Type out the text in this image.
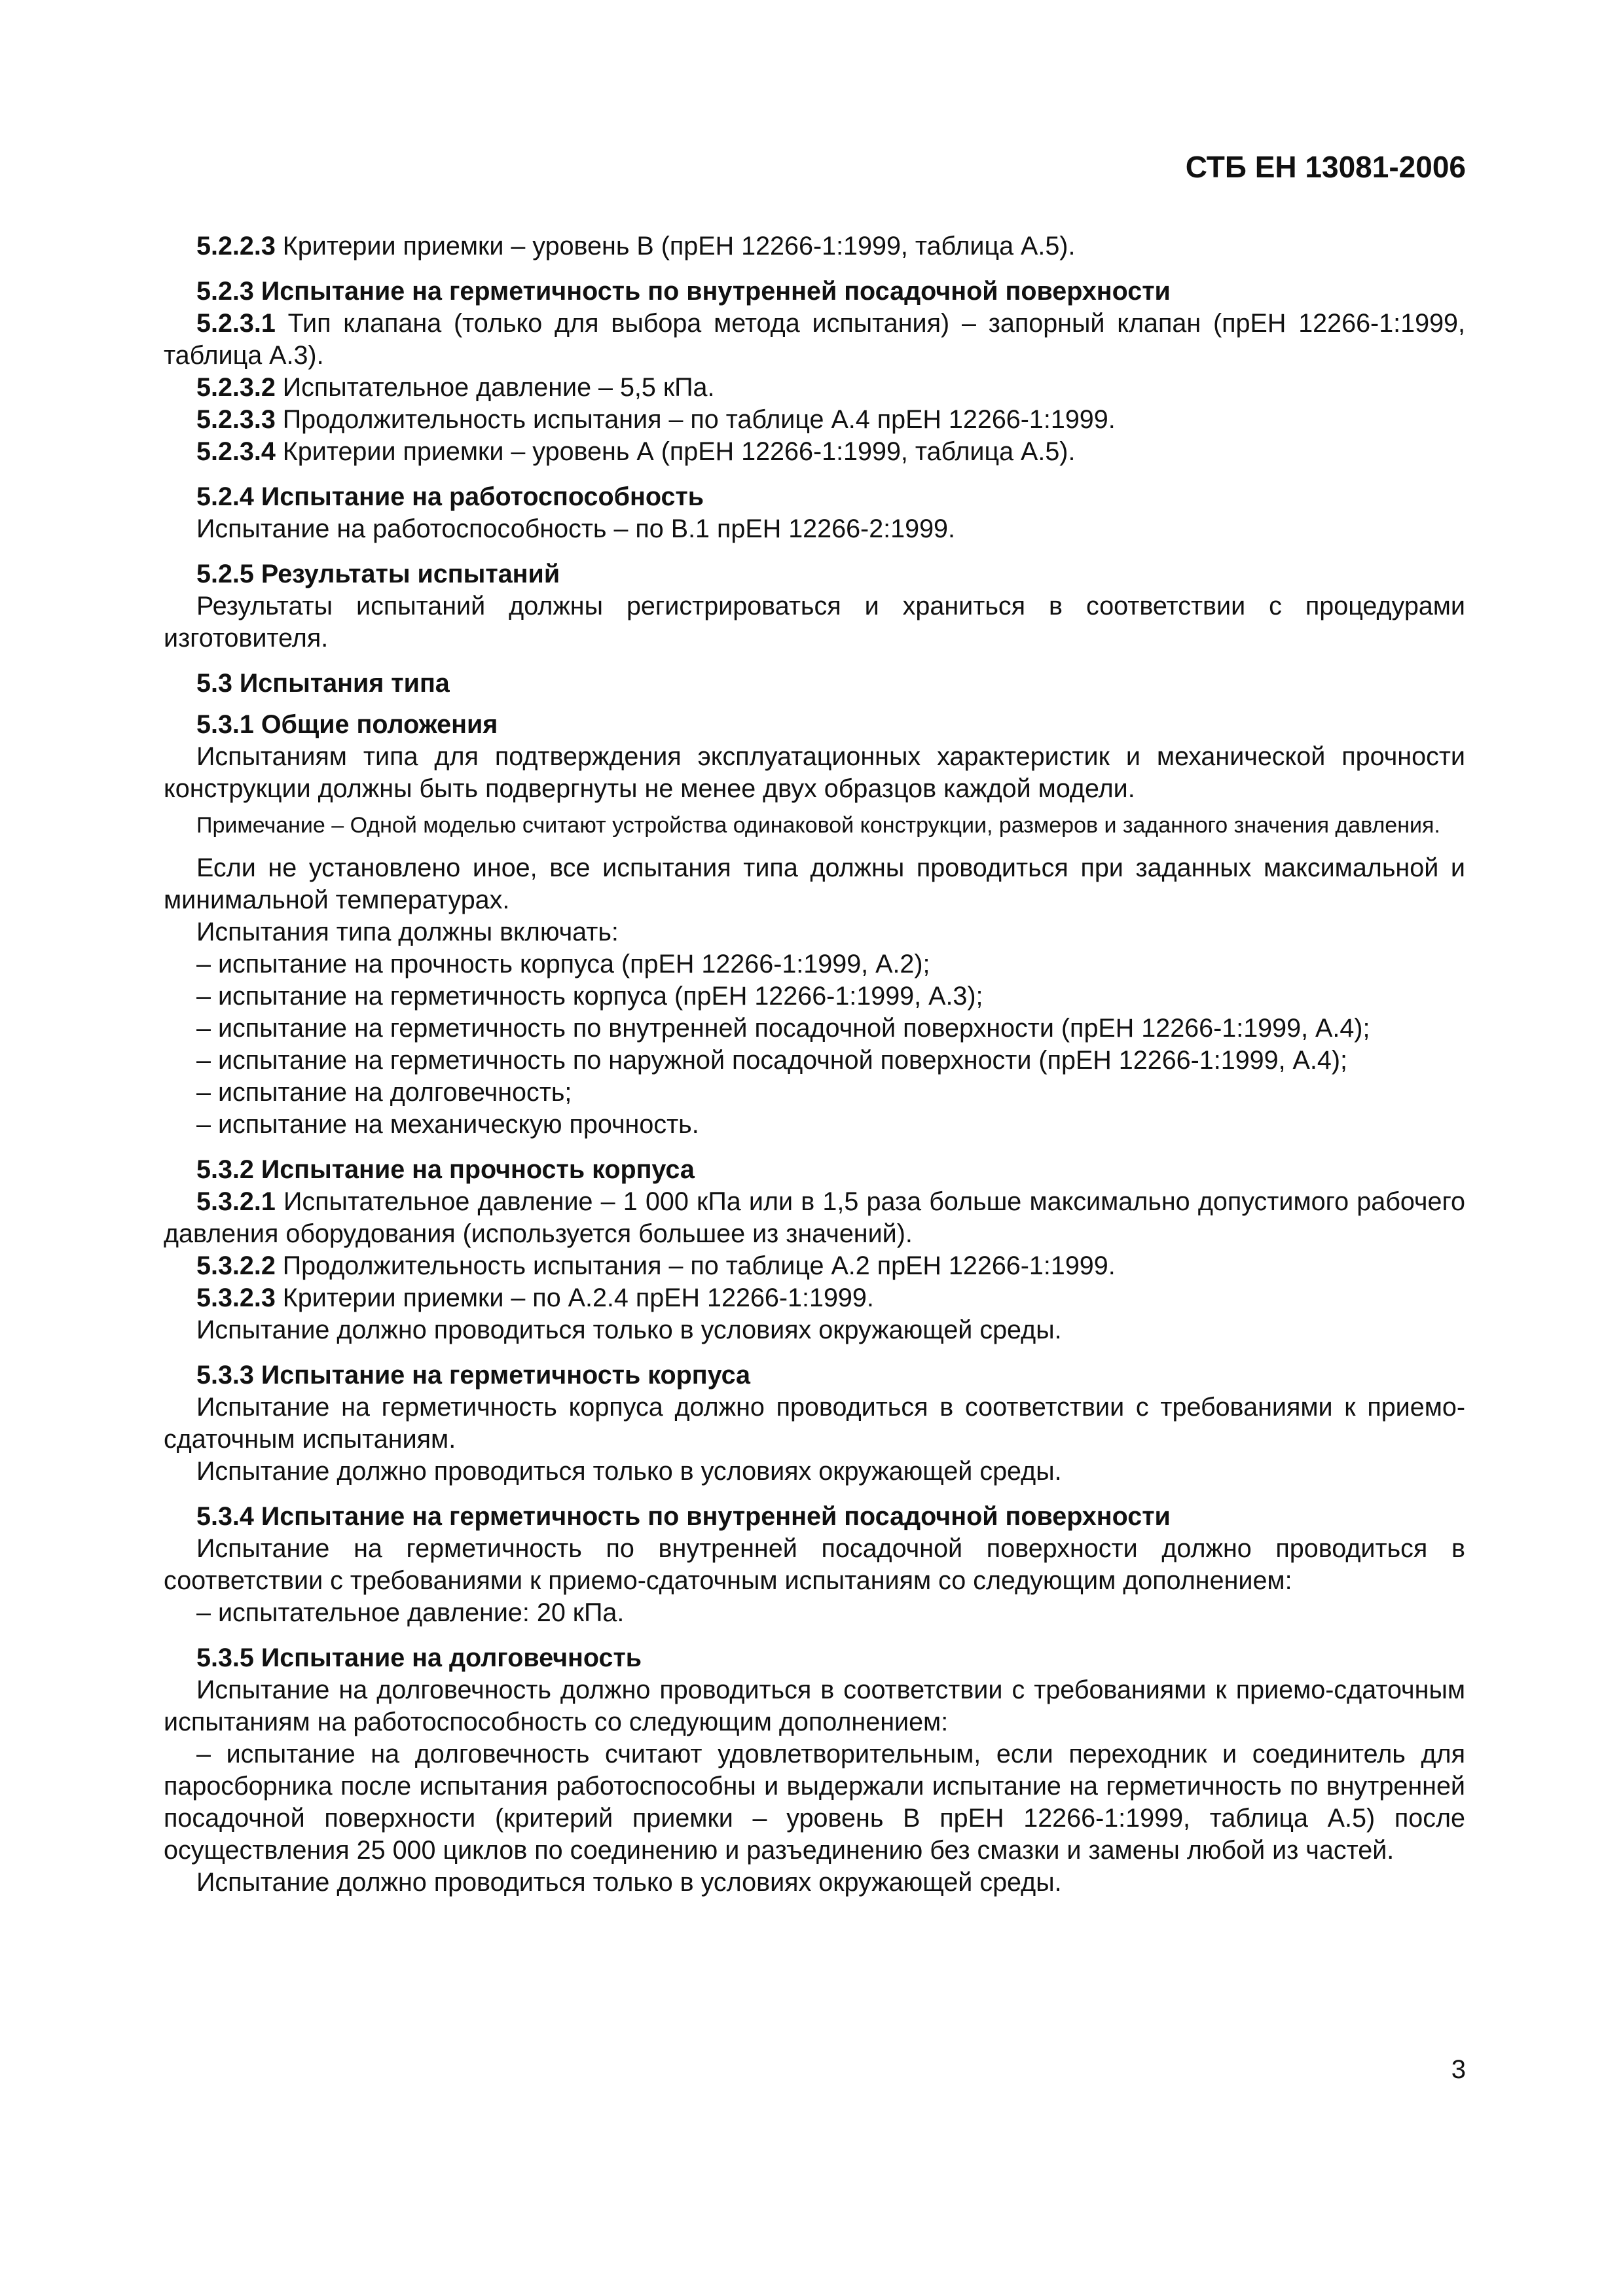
СТБ ЕН 13081-2006

5.2.2.3 Критерии приемки – уровень В (прЕН 12266-1:1999, таблица А.5).

5.2.3 Испытание на герметичность по внутренней посадочной поверхности

5.2.3.1 Тип клапана (только для выбора метода испытания) – запорный клапан (прЕН 12266-1:1999, таблица А.3).

5.2.3.2 Испытательное давление – 5,5 кПа.

5.2.3.3 Продолжительность испытания – по таблице А.4 прЕН 12266-1:1999.

5.2.3.4 Критерии приемки – уровень А (прЕН 12266-1:1999, таблица А.5).

5.2.4 Испытание на работоспособность

Испытание на работоспособность – по В.1 прЕН 12266-2:1999.

5.2.5 Результаты испытаний

Результаты испытаний должны регистрироваться и храниться в соответствии с процедурами изготовителя.

5.3 Испытания типа
5.3.1 Общие положения

Испытаниям типа для подтверждения эксплуатационных характеристик и механической прочности конструкции должны быть подвергнуты не менее двух образцов каждой модели.

Примечание – Одной моделью считают устройства одинаковой конструкции, размеров и заданного значения давления.

Если не установлено иное, все испытания типа должны проводиться при заданных максимальной и минимальной температурах.

Испытания типа должны включать:

– испытание на прочность корпуса (прЕН 12266-1:1999, А.2);

– испытание на герметичность корпуса (прЕН 12266-1:1999, А.3);

– испытание на герметичность по внутренней посадочной поверхности (прЕН 12266-1:1999, А.4);

– испытание на герметичность по наружной посадочной поверхности (прЕН 12266-1:1999, А.4);

– испытание на долговечность;

– испытание на механическую прочность.

5.3.2 Испытание на прочность корпуса

5.3.2.1 Испытательное давление – 1 000 кПа или в 1,5 раза больше максимально допустимого рабочего давления оборудования (используется большее из значений).

5.3.2.2 Продолжительность испытания – по таблице А.2 прЕН 12266-1:1999.

5.3.2.3 Критерии приемки – по А.2.4 прЕН 12266-1:1999.

Испытание должно проводиться только в условиях окружающей среды.

5.3.3 Испытание на герметичность корпуса

Испытание на герметичность корпуса должно проводиться в соответствии с требованиями к приемо-сдаточным испытаниям.

Испытание должно проводиться только в условиях окружающей среды.

5.3.4 Испытание на герметичность по внутренней посадочной поверхности

Испытание на герметичность по внутренней посадочной поверхности должно проводиться в соответствии с требованиями к приемо-сдаточным испытаниям со следующим дополнением:

– испытательное давление: 20 кПа.

5.3.5 Испытание на долговечность

Испытание на долговечность должно проводиться в соответствии с требованиями к приемо-сдаточным испытаниям на работоспособность со следующим дополнением:

– испытание на долговечность считают удовлетворительным, если переходник и соединитель для паросборника после испытания работоспособны и выдержали испытание на герметичность по внутренней посадочной поверхности (критерий приемки – уровень В прЕН 12266-1:1999, таблица А.5) после осуществления 25 000 циклов по соединению и разъединению без смазки и замены любой из частей.

Испытание должно проводиться только в условиях окружающей среды.

3
